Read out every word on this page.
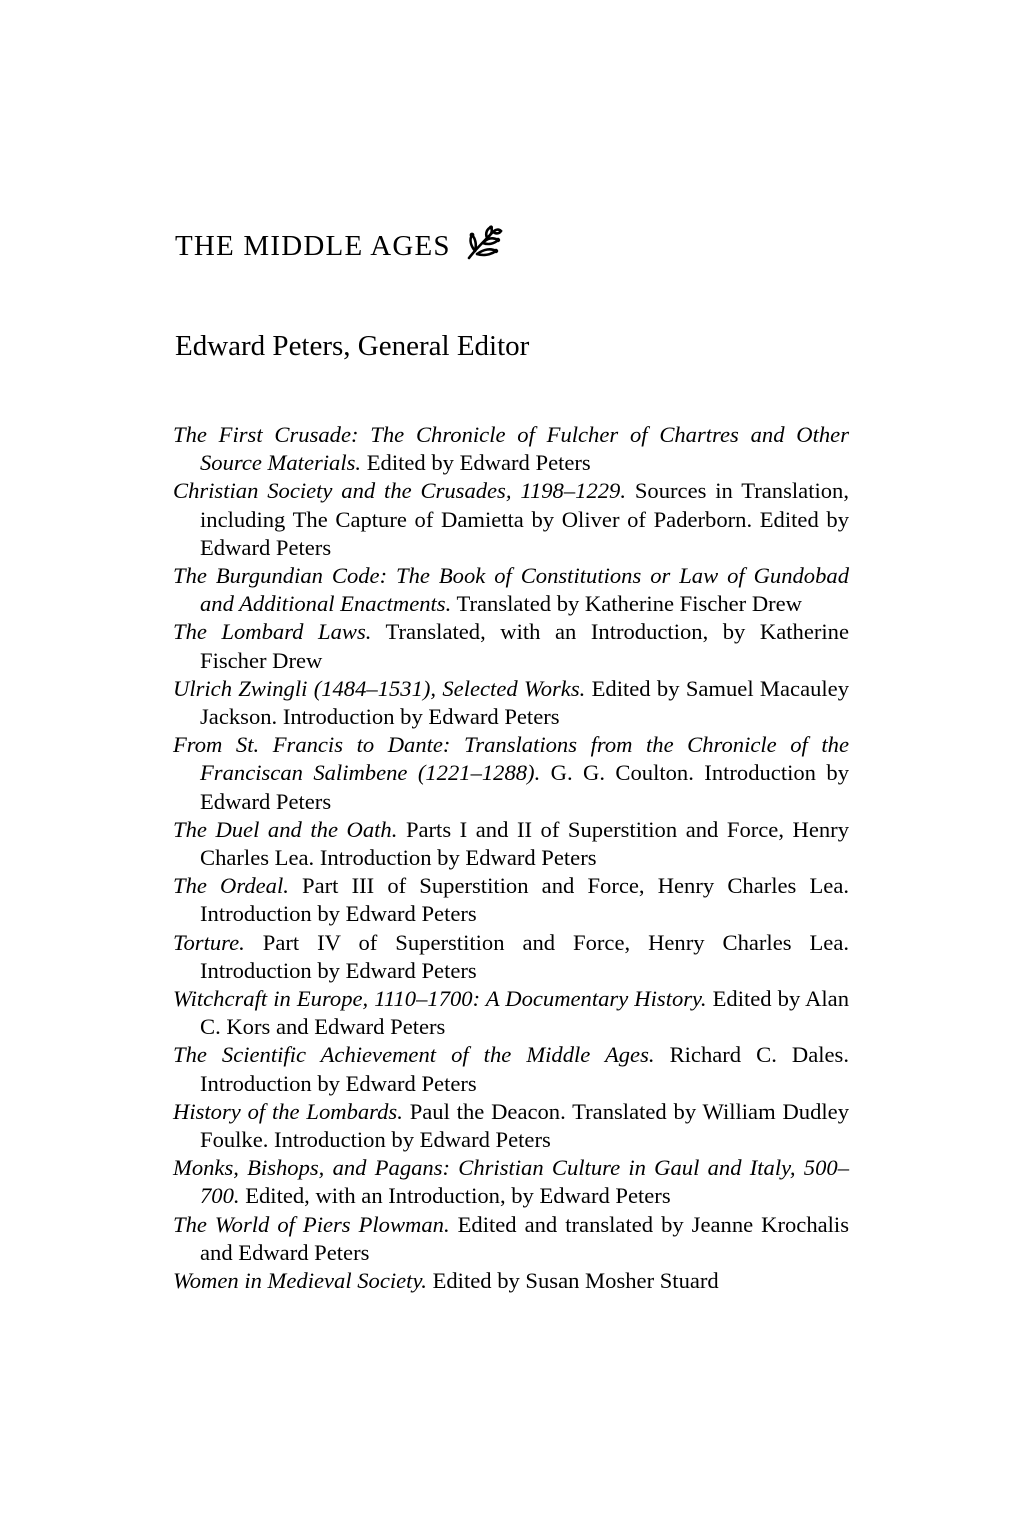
THE MIDDLE AGES
Edward Peters, General Editor
The First Crusade: The Chronicle of Fulcher of Chartres and Other Source Materials. Edited by Edward Peters
Christian Society and the Crusades, 1198–1229. Sources in Translation, including The Capture of Damietta by Oliver of Paderborn. Edited by Edward Peters
The Burgundian Code: The Book of Constitutions or Law of Gundobad and Additional Enactments. Translated by Katherine Fischer Drew
The Lombard Laws. Translated, with an Introduction, by Katherine Fischer Drew
Ulrich Zwingli (1484–1531), Selected Works. Edited by Samuel Macauley Jackson. Introduction by Edward Peters
From St. Francis to Dante: Translations from the Chronicle of the Franciscan Salimbene (1221–1288). G. G. Coulton. Introduction by Edward Peters
The Duel and the Oath. Parts I and II of Superstition and Force, Henry Charles Lea. Introduction by Edward Peters
The Ordeal. Part III of Superstition and Force, Henry Charles Lea. Introduction by Edward Peters
Torture. Part IV of Superstition and Force, Henry Charles Lea. Introduction by Edward Peters
Witchcraft in Europe, 1110–1700: A Documentary History. Edited by Alan C. Kors and Edward Peters
The Scientific Achievement of the Middle Ages. Richard C. Dales. Introduction by Edward Peters
History of the Lombards. Paul the Deacon. Translated by William Dudley Foulke. Introduction by Edward Peters
Monks, Bishops, and Pagans: Christian Culture in Gaul and Italy, 500–700. Edited, with an Introduction, by Edward Peters
The World of Piers Plowman. Edited and translated by Jeanne Krochalis and Edward Peters
Women in Medieval Society. Edited by Susan Mosher Stuard
